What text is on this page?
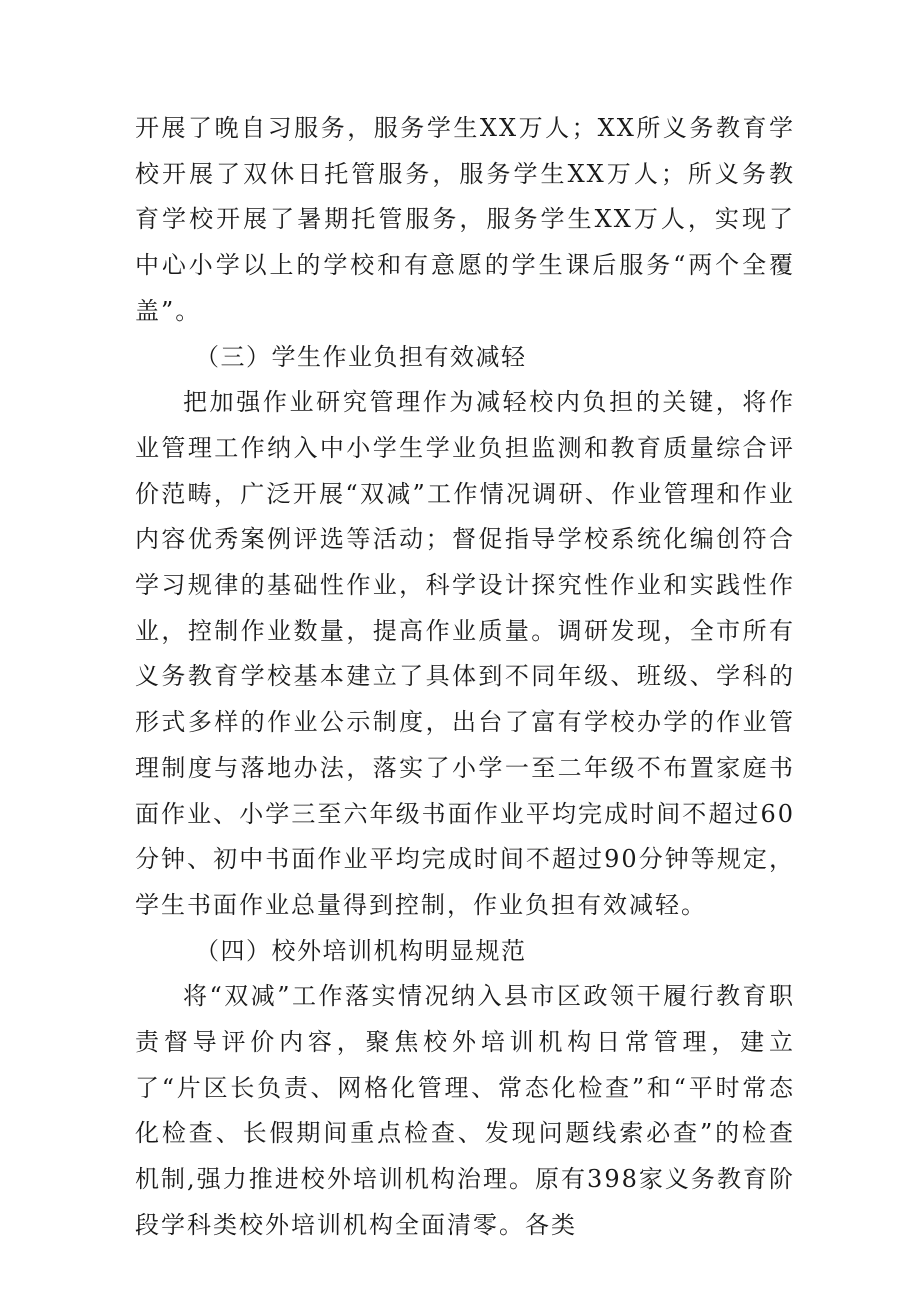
开展了晚自习服务，服务学生XX万人；XX所义务教育学校开展了双休日托管服务，服务学生XX万人；所义务教育学校开展了暑期托管服务，服务学生XX万人，实现了中心小学以上的学校和有意愿的学生课后服务“两个全覆盖”。

（三）学生作业负担有效减轻

把加强作业研究管理作为减轻校内负担的关键，将作业管理工作纳入中小学生学业负担监测和教育质量综合评价范畴，广泛开展“双减”工作情况调研、作业管理和作业内容优秀案例评选等活动；督促指导学校系统化编创符合学习规律的基础性作业，科学设计探究性作业和实践性作业，控制作业数量，提高作业质量。调研发现，全市所有义务教育学校基本建立了具体到不同年级、班级、学科的形式多样的作业公示制度，出台了富有学校办学的作业管理制度与落地办法，落实了小学一至二年级不布置家庭书面作业、小学三至六年级书面作业平均完成时间不超过60分钟、初中书面作业平均完成时间不超过90分钟等规定，学生书面作业总量得到控制，作业负担有效减轻。

（四）校外培训机构明显规范

将“双减”工作落实情况纳入县市区政领干履行教育职责督导评价内容，聚焦校外培训机构日常管理，建立了“片区长负责、网格化管理、常态化检查”和“平时常态化检查、长假期间重点检查、发现问题线索必查”的检查机制,强力推进校外培训机构治理。原有398家义务教育阶段学科类校外培训机构全面清零。各类
